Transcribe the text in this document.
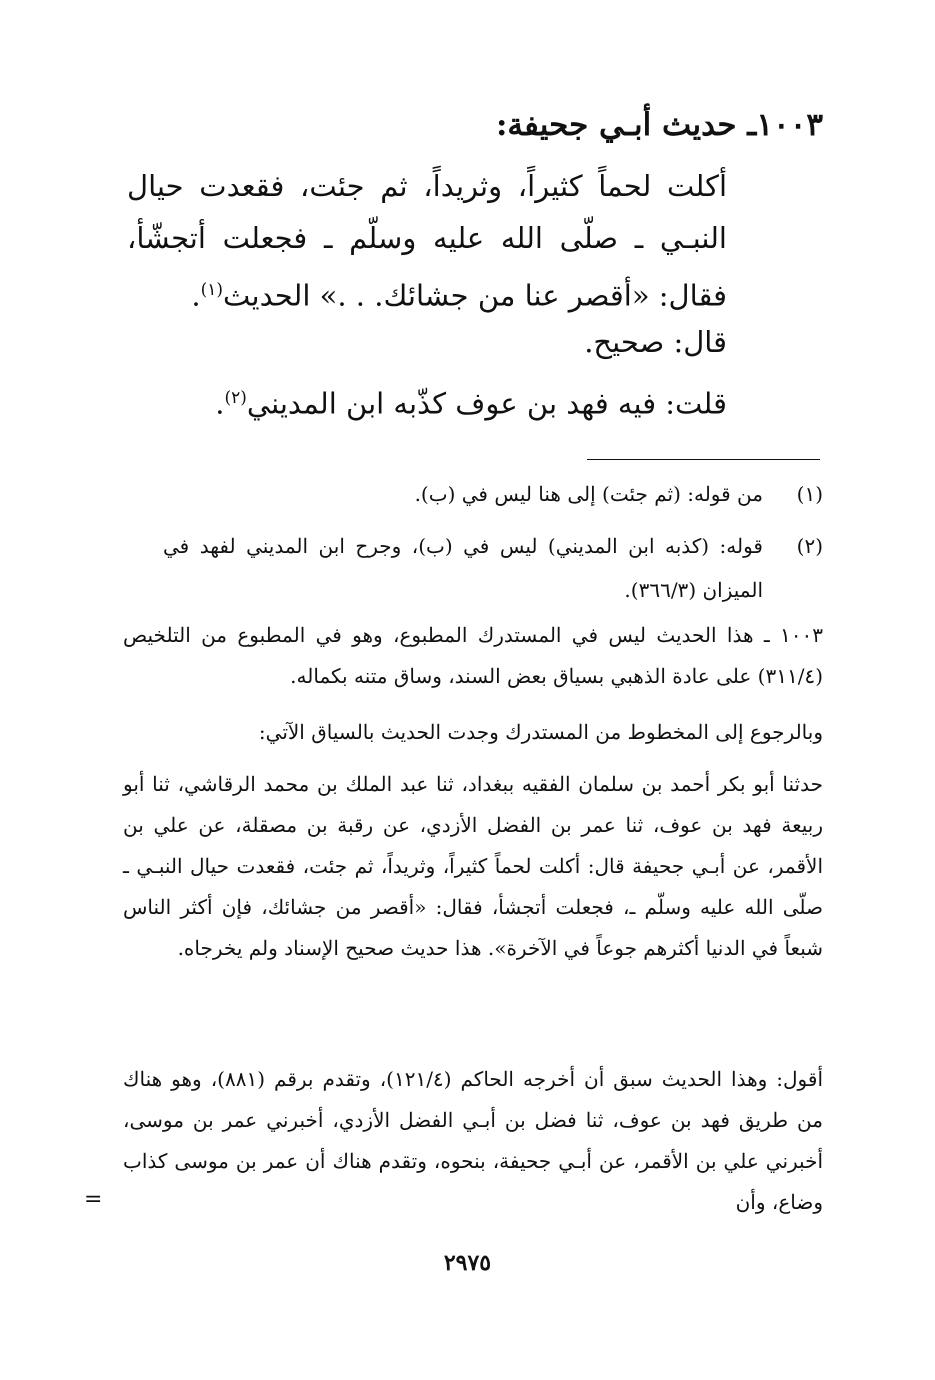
١٠٠٣ـ حديث أبـي جحيفة:
أكلت لحماً كثيراً، وثريداً، ثم جئت، فقعدت حيال النبـي ـ صلّى الله عليه وسلّم ـ فجعلت أتجشّأ، فقال: «أقصر عنا من جشائك. . .» الحديث$^{(١)}$.
قال: صحيح.
قلت: فيه فهد بن عوف كذّبه ابن المديني$^{(٢)}$.
(١)من قوله: (ثم جئت) إلى هنا ليس في (ب).
(٢)قوله: (كذبه ابن المديني) ليس في (ب)، وجرح ابن المديني لفهد في الميزان (٣٦٦/٣).
١٠٠٣ ـ هذا الحديث ليس في المستدرك المطبوع، وهو في المطبوع من التلخيص (٣١١/٤) على عادة الذهبي بسياق بعض السند، وساق متنه بكماله.
وبالرجوع إلى المخطوط من المستدرك وجدت الحديث بالسياق الآتي:
حدثنا أبو بكر أحمد بن سلمان الفقيه ببغداد، ثنا عبد الملك بن محمد الرقاشي، ثنا أبو ربيعة فهد بن عوف، ثنا عمر بن الفضل الأزدي، عن رقبة بن مصقلة، عن علي بن الأقمر، عن أبـي جحيفة قال: أكلت لحماً كثيراً، وثريداً، ثم جئت، فقعدت حيال النبـي ـ صلّى الله عليه وسلّم ـ، فجعلت أتجشأ، فقال: «أقصر من جشائك، فإن أكثر الناس شبعاً في الدنيا أكثرهم جوعاً في الآخرة». هذا حديث صحيح الإسناد ولم يخرجاه.
أقول: وهذا الحديث سبق أن أخرجه الحاكم (١٢١/٤)، وتقدم برقم (٨٨١)، وهو هناك من طريق فهد بن عوف، ثنا فضل بن أبـي الفضل الأزدي، أخبرني عمر بن موسى، أخبرني علي بن الأقمر، عن أبـي جحيفة، بنحوه، وتقدم هناك أن عمر بن موسى كذاب وضاع، وأن
=
٢٩٧٥
